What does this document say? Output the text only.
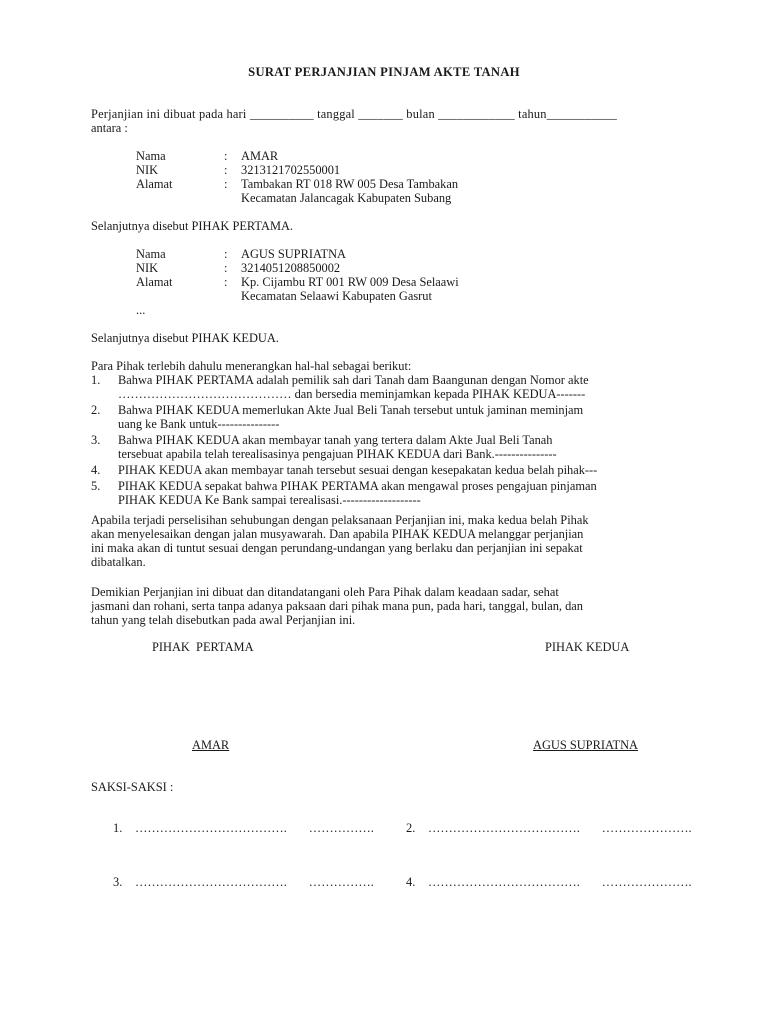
SURAT PERJANJIAN PINJAM AKTE TANAH
Perjanjian ini dibuat pada hari __________ tanggal _______ bulan ____________ tahun___________
antara :
Nama	:	AMAR
NIK	:	3213121702550001
Alamat	:	Tambakan RT 018 RW 005 Desa Tambakan
Kecamatan Jalancagak Kabupaten Subang
Selanjutnya disebut PIHAK PERTAMA.
Nama	:	AGUS SUPRIATNA
NIK	:	3214051208850002
Alamat	:	Kp. Cijambu RT 001 RW 009 Desa Selaawi
Kecamatan Selaawi Kabupaten Gasrut
...
Selanjutnya disebut PIHAK KEDUA.
Para Pihak terlebih dahulu menerangkan hal-hal sebagai berikut:
1.	Bahwa PIHAK PERTAMA adalah pemilik sah dari Tanah dam Baangunan dengan Nomor akte
…………………………………… dan bersedia meminjamkan kepada PIHAK KEDUA-------
2.	Bahwa PIHAK KEDUA memerlukan Akte Jual Beli Tanah tersebut untuk jaminan meminjam
uang ke Bank untuk---------------
3.	Bahwa PIHAK KEDUA akan membayar tanah yang tertera dalam Akte Jual Beli Tanah
tersebuat apabila telah terealisasinya pengajuan PIHAK KEDUA dari Bank.---------------
4.	PIHAK KEDUA akan membayar tanah tersebut sesuai dengan kesepakatan kedua belah pihak---
5.	PIHAK KEDUA sepakat bahwa PIHAK PERTAMA akan mengawal proses pengajuan pinjaman
PIHAK KEDUA Ke Bank sampai terealisasi.-------------------
Apabila terjadi perselisihan sehubungan dengan pelaksanaan Perjanjian ini, maka kedua belah Pihak
akan menyelesaikan dengan jalan musyawarah. Dan apabila PIHAK KEDUA melanggar perjanjian
ini maka akan di tuntut sesuai dengan perundang-undangan yang berlaku dan perjanjian ini sepakat
dibatalkan.
Demikian Perjanjian ini dibuat dan ditandatangani oleh Para Pihak dalam keadaan sadar, sehat
jasmani dan rohani, serta tanpa adanya paksaan dari pihak mana pun, pada hari, tanggal, bulan, dan
tahun yang telah disebutkan pada awal Perjanjian ini.
PIHAK  PERTAMA	PIHAK KEDUA
AMAR	AGUS SUPRIATNA
SAKSI-SAKSI :
1. ………………………………. …………….	2. ………………………………. ………………….
3. ………………………………. …………….	4. ………………………………. ………………….
